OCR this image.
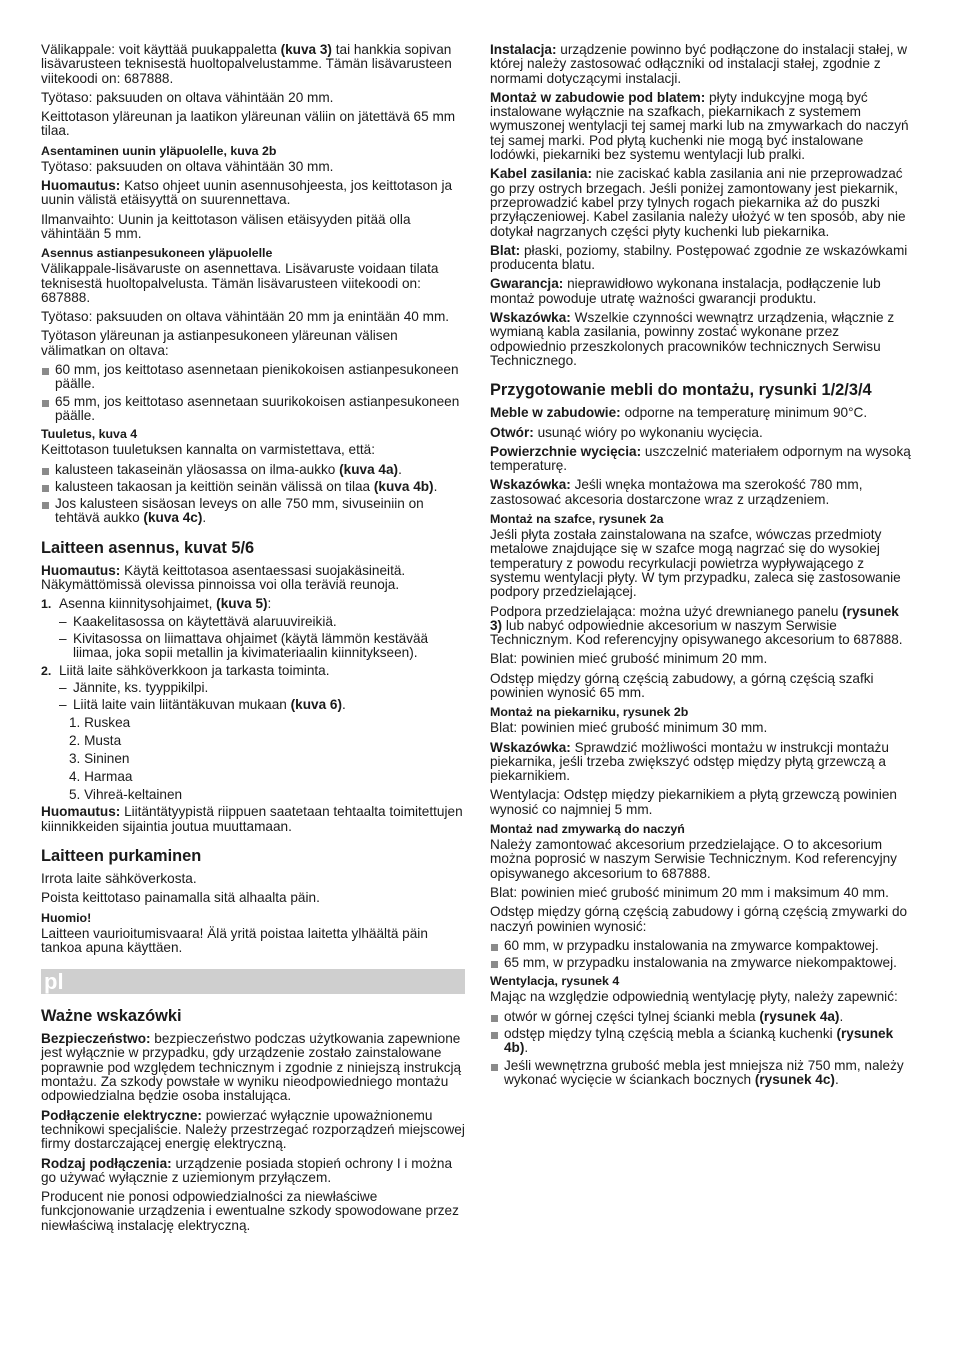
Välikappale: voit käyttää puukappaletta (kuva 3) tai hankkia sopivan lisävarusteen teknisestä huoltopalvelustamme. Tämän lisävarusteen viitekoodi on: 687888.

Työtaso: paksuuden on oltava vähintään 20 mm.

Keittotason yläreunan ja laatikon yläreunan väliin on jätettävä 65 mm tilaa.

Asentaminen uunin yläpuolelle, kuva 2b

Työtaso: paksuuden on oltava vähintään 30 mm.

Huomautus: Katso ohjeet uunin asennusohjeesta, jos keittotason ja uunin välistä etäisyyttä on suurennettava.

Ilmanvaihto: Uunin ja keittotason välisen etäisyyden pitää olla vähintään 5 mm.

Asennus astianpesukoneen yläpuolelle

Välikappale-lisävaruste on asennettava. Lisävaruste voidaan tilata teknisestä huoltopalvelusta. Tämän lisävarusteen viitekoodi on: 687888.

Työtaso: paksuuden on oltava vähintään 20 mm ja enintään 40 mm.

Työtason yläreunan ja astianpesukoneen yläreunan välisen välimatkan on oltava:

60 mm, jos keittotaso asennetaan pienikokoisen astianpesukoneen päälle.
65 mm, jos keittotaso asennetaan suurikokoisen astianpesukoneen päälle.
Tuuletus, kuva 4

Keittotason tuuletuksen kannalta on varmistettava, että:

kalusteen takaseinän yläosassa on ilma-aukko (kuva 4a).
kalusteen takaosan ja keittiön seinän välissä on tilaa (kuva 4b).
Jos kalusteen sisäosan leveys on alle 750 mm, sivuseiniin on tehtävä aukko (kuva 4c).
Laitteen asennus, kuvat 5/6

Huomautus: Käytä keittotasoa asentaessasi suojakäsineitä. Näkymättömissä olevissa pinnoissa voi olla teräviä reunoja.

1. Asenna kiinnitysohjaimet, (kuva 5):
– Kaakelitasossa on käytettävä alaruuvireikiä.
– Kivitasossa on liimattava ohjaimet (käytä lämmön kestävää liimaa, joka sopii metallin ja kivimateriaalin kiinnitykseen).
2. Liitä laite sähköverkkoon ja tarkasta toiminta.
– Jännite, ks. tyyppikilpi.
– Liitä laite vain liitäntäkuvan mukaan (kuva 6).
1. Ruskea
2. Musta
3. Sininen
4. Harmaa
5. Vihreä-keltainen

Huomautus: Liitäntätyypistä riippuen saatetaan tehtaalta toimitettujen kiinnikkeiden sijaintia joutua muuttamaan.

Laitteen purkaminen

Irrota laite sähköverkosta.

Poista keittotaso painamalla sitä alhaalta päin.

Huomio!

Laitteen vaurioitumisvaara! Älä yritä poistaa laitetta ylhäältä päin tankoa apuna käyttäen.

pl
Ważne wskazówki

Bezpieczeństwo: bezpieczeństwo podczas użytkowania zapewnione jest wyłącznie w przypadku, gdy urządzenie zostało zainstalowane poprawnie pod względem technicznym i zgodnie z niniejszą instrukcją montażu. Za szkody powstałe w wyniku nieodpowiedniego montażu odpowiedzialna będzie osoba instalująca.

Podłączenie elektryczne: powierzać wyłącznie upoważnionemu technikowi specjaliście. Należy przestrzegać rozporządzeń miejscowej firmy dostarczającej energię elektryczną.

Rodzaj podłączenia: urządzenie posiada stopień ochrony I i można go używać wyłącznie z uziemionym przyłączem.

Producent nie ponosi odpowiedzialności za niewłaściwe funkcjonowanie urządzenia i ewentualne szkody spowodowane przez niewłaściwą instalację elektryczną.

Instalacja: urządzenie powinno być podłączone do instalacji stałej, w której należy zastosować odłączniki od instalacji stałej, zgodnie z normami dotyczącymi instalacji.

Montaż w zabudowie pod blatem: płyty indukcyjne mogą być instalowane wyłącznie na szafkach, piekarnikach z systemem wymuszonej wentylacji tej samej marki lub na zmywarkach do naczyń tej samej marki. Pod płytą kuchenki nie mogą być instalowane lodówki, piekarniki bez systemu wentylacji lub pralki.

Kabel zasilania: nie zaciskać kabla zasilania ani nie przeprowadzać go przy ostrych brzegach. Jeśli poniżej zamontowany jest piekarnik, przeprowadzić kabel przy tylnych rogach piekarnika aż do puszki przyłączeniowej. Kabel zasilania należy ułożyć w ten sposób, aby nie dotykał nagrzanych części płyty kuchenki lub piekarnika.

Blat: płaski, poziomy, stabilny. Postępować zgodnie ze wskazówkami producenta blatu.

Gwarancja: nieprawidłowo wykonana instalacja, podłączenie lub montaż powoduje utratę ważności gwarancji produktu.

Wskazówka: Wszelkie czynności wewnątrz urządzenia, włącznie z wymianą kabla zasilania, powinny zostać wykonane przez odpowiednio przeszkolonych pracowników technicznych Serwisu Technicznego.

Przygotowanie mebli do montażu, rysunki 1/2/3/4

Meble w zabudowie: odporne na temperaturę minimum 90°C.

Otwór: usunąć wióry po wykonaniu wycięcia.

Powierzchnie wycięcia: uszczelnić materiałem odpornym na wysoką temperaturę.

Wskazówka: Jeśli wnęka montażowa ma szerokość 780 mm, zastosować akcesoria dostarczone wraz z urządzeniem.

Montaż na szafce, rysunek 2a

Jeśli płyta została zainstalowana na szafce, wówczas przedmioty metalowe znajdujące się w szafce mogą nagrzać się do wysokiej temperatury z powodu recyrkulacji powietrza wypływającego z systemu wentylacji płyty. W tym przypadku, zaleca się zastosowanie podpory przedzielającej.

Podpora przedzielająca: można użyć drewnianego panelu (rysunek 3) lub nabyć odpowiednie akcesorium w naszym Serwisie Technicznym. Kod referencyjny opisywanego akcesorium to 687888.

Blat: powinien mieć grubość minimum 20 mm.

Odstęp między górną częścią zabudowy, a górną częścią szafki powinien wynosić 65 mm.

Montaż na piekarniku, rysunek 2b

Blat: powinien mieć grubość minimum 30 mm.

Wskazówka: Sprawdzić możliwości montażu w instrukcji montażu piekarnika, jeśli trzeba zwiększyć odstęp między płytą grzewczą a piekarnikiem.

Wentylacja: Odstęp między piekarnikiem a płytą grzewczą powinien wynosić co najmniej 5 mm.

Montaż nad zmywarką do naczyń

Należy zamontować akcesorium przedzielające. O to akcesorium można poprosić w naszym Serwisie Technicznym. Kod referencyjny opisywanego akcesorium to 687888.

Blat: powinien mieć grubość minimum 20 mm i maksimum 40 mm.

Odstęp między górną częścią zabudowy i górną częścią zmywarki do naczyń powinien wynosić:

60 mm, w przypadku instalowania na zmywarce kompaktowej.
65 mm, w przypadku instalowania na zmywarce niekompaktowej.
Wentylacja, rysunek 4

Mając na względzie odpowiednią wentylację płyty, należy zapewnić:

otwór w górnej części tylnej ścianki mebla (rysunek 4a).
odstęp między tylną częścią mebla a ścianką kuchenki (rysunek 4b).
Jeśli wewnętrzna grubość mebla jest mniejsza niż 750 mm, należy wykonać wycięcie w ściankach bocznych (rysunek 4c).
